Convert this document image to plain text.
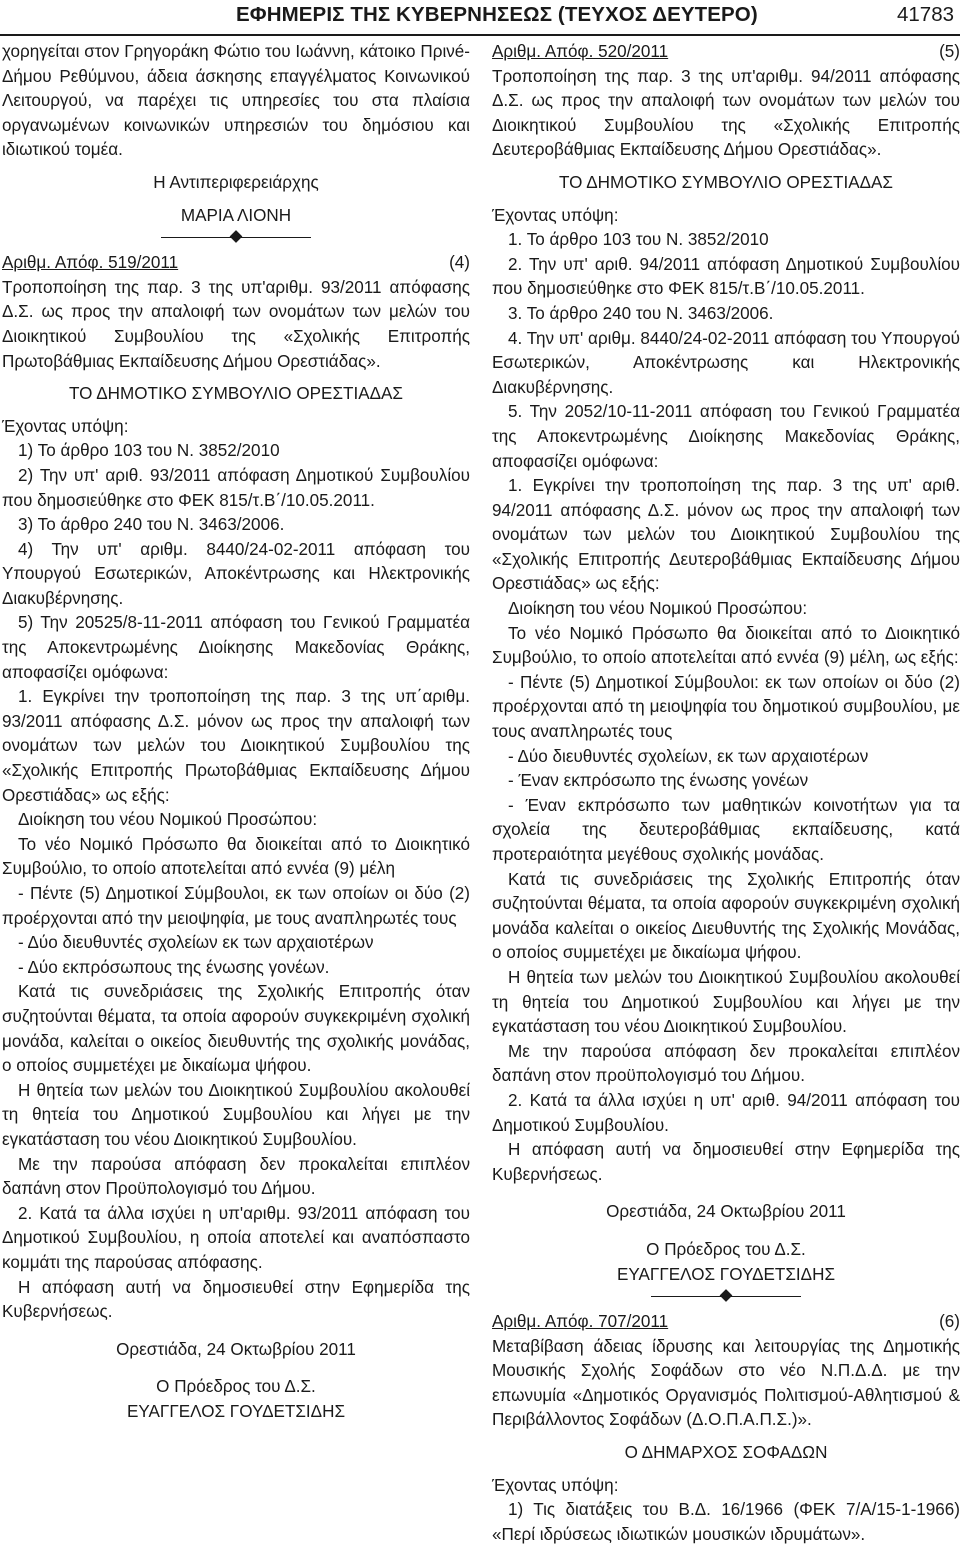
ΕΦΗΜΕΡΙΣ ΤΗΣ ΚΥΒΕΡΝΗΣΕΩΣ (ΤΕΥΧΟΣ ΔΕΥΤΕΡΟ)	41783

χορηγείται στον Γρηγοράκη Φώτιο του Ιωάννη, κάτοικο Πρινé- Δήμου Ρεθύμνου, άδεια άσκησης επαγγέλματος Κοινωνικού Λειτουργού, να παρέχει τις υπηρεσίες του στα πλαίσια οργανωμένων κοινωνικών υπηρεσιών του δημόσιου και ιδιωτικού τομέα.

Η Αντιπεριφερειάρχης

ΜΑΡΙΑ ΛΙΟΝΗ

Αριθμ. Απόφ. 519/2011	(4)

Τροποποίηση της παρ. 3 της υπ'αριθμ. 93/2011 απόφασης Δ.Σ. ως προς την απαλοιφή των ονομάτων των μελών του Διοικητικού Συμβουλίου της «Σχολικής Επιτροπής Πρωτοβάθμιας Εκπαίδευσης Δήμου Ορεστιάδας».

ΤΟ ΔΗΜΟΤΙΚΟ ΣΥΜΒΟΥΛΙΟ ΟΡΕΣΤΙΑΔΑΣ

Έχοντας υπόψη:

1) Το άρθρο 103 του Ν. 3852/2010

2) Την υπ' αριθ. 93/2011 απόφαση Δημοτικού Συμβουλίου που δημοσιεύθηκε στο ΦΕΚ 815/τ.Β΄/10.05.2011.

3) Το άρθρο 240 του Ν. 3463/2006.

4) Την υπ' αριθμ. 8440/24-02-2011 απόφαση του Υπουργού Εσωτερικών, Αποκέντρωσης και Ηλεκτρονικής Διακυβέρνησης.

5) Την 20525/8-11-2011 απόφαση του Γενικού Γραμματέα της Αποκεντρωμένης Διοίκησης Μακεδονίας Θράκης, αποφασίζει ομόφωνα:

1. Εγκρίνει την τροποποίηση της παρ. 3 της υπ΄αριθμ. 93/2011 απόφασης Δ.Σ. μόνον ως προς την απαλοιφή των ονομάτων των μελών του Διοικητικού Συμβουλίου της «Σχολικής Επιτροπής Πρωτοβάθμιας Εκπαίδευσης Δήμου Ορεστιάδας» ως εξής:

Διοίκηση του νέου Νομικού Προσώπου:

Το νέο Νομικό Πρόσωπο θα διοικείται από το Διοικητικό Συμβούλιο, το οποίο αποτελείται από εννέα (9) μέλη

- Πέντε (5) Δημοτικοί Σύμβουλοι, εκ των οποίων οι δύο (2) προέρχονται από την μειοψηφία, με τους αναπληρωτές τους

- Δύο διευθυντές σχολείων εκ των αρχαιοτέρων

- Δύο εκπρόσωπους της ένωσης γονέων.

Κατά τις συνεδριάσεις της Σχολικής Επιτροπής όταν συζητούνται θέματα, τα οποία αφορούν συγκεκριμένη σχολική μονάδα, καλείται ο οικείος διευθυντής της σχολικής μονάδας, ο οποίος συμμετέχει με δικαίωμα ψήφου.

Η θητεία των μελών του Διοικητικού Συμβουλίου ακολουθεί τη θητεία του Δημοτικού Συμβουλίου και λήγει με την εγκατάσταση του νέου Διοικητικού Συμβουλίου.

Με την παρούσα απόφαση δεν προκαλείται επιπλέον δαπάνη στον Προϋπολογισμό του Δήμου.

2. Κατά τα άλλα ισχύει η υπ'αριθμ. 93/2011 απόφαση του Δημοτικού Συμβουλίου, η οποία αποτελεί και αναπόσπαστο κομμάτι της παρούσας απόφασης.

Η απόφαση αυτή να δημοσιευθεί στην Εφημερίδα της Κυβερνήσεως.

Ορεστιάδα, 24 Οκτωβρίου 2011

Ο Πρόεδρος του Δ.Σ.

ΕΥΑΓΓΕΛΟΣ ΓΟΥΔΕΤΣΙΔΗΣ

Αριθμ. Απόφ. 520/2011	(5)

Τροποποίηση της παρ. 3 της υπ'αριθμ. 94/2011 απόφασης Δ.Σ. ως προς την απαλοιφή των ονομάτων των μελών του Διοικητικού Συμβουλίου της «Σχολικής Επιτροπής Δευτεροβάθμιας Εκπαίδευσης Δήμου Ορεστιάδας».

ΤΟ ΔΗΜΟΤΙΚΟ ΣΥΜΒΟΥΛΙΟ ΟΡΕΣΤΙΑΔΑΣ

Έχοντας υπόψη:

1. Το άρθρο 103 του Ν. 3852/2010

2. Την υπ' αριθ. 94/2011 απόφαση Δημοτικού Συμβουλίου που δημοσιεύθηκε στο ΦΕΚ 815/τ.Β΄/10.05.2011.

3. Το άρθρο 240 του Ν. 3463/2006.

4. Την υπ' αριθμ. 8440/24-02-2011 απόφαση του Υπουργού Εσωτερικών, Αποκέντρωσης και Ηλεκτρονικής Διακυβέρνησης.

5. Την 2052/10-11-2011 απόφαση του Γενικού Γραμματέα της Αποκεντρωμένης Διοίκησης Μακεδονίας Θράκης, αποφασίζει ομόφωνα:

1. Εγκρίνει την τροποποίηση της παρ. 3 της υπ' αριθ. 94/2011 απόφασης Δ.Σ. μόνον ως προς την απαλοιφή των ονομάτων των μελών του Διοικητικού Συμβουλίου της «Σχολικής Επιτροπής Δευτεροβάθμιας Εκπαίδευσης Δήμου Ορεστιάδας» ως εξής:

Διοίκηση του νέου Νομικού Προσώπου:

Το νέο Νομικό Πρόσωπο θα διοικείται από το Διοικητικό Συμβούλιο, το οποίο αποτελείται από εννέα (9) μέλη, ως εξής:

- Πέντε (5) Δημοτικοί Σύμβουλοι: εκ των οποίων οι δύο (2) προέρχονται από τη μειοψηφία του δημοτικού συμβουλίου, με τους αναπληρωτές τους

- Δύο διευθυντές σχολείων, εκ των αρχαιοτέρων

- Έναν εκπρόσωπο της ένωσης γονέων

- Έναν εκπρόσωπο των μαθητικών κοινοτήτων για τα σχολεία της δευτεροβάθμιας εκπαίδευσης, κατά προτεραιότητα μεγέθους σχολικής μονάδας.

Κατά τις συνεδριάσεις της Σχολικής Επιτροπής όταν συζητούνται θέματα, τα οποία αφορούν συγκεκριμένη σχολική μονάδα καλείται ο οικείος Διευθυντής της Σχολικής Μονάδας, ο οποίος συμμετέχει με δικαίωμα ψήφου.

Η θητεία των μελών του Διοικητικού Συμβουλίου ακολουθεί τη θητεία του Δημοτικού Συμβουλίου και λήγει με την εγκατάσταση του νέου Διοικητικού Συμβουλίου.

Με την παρούσα απόφαση δεν προκαλείται επιπλέον δαπάνη στον προϋπολογισμό του Δήμου.

2. Κατά τα άλλα ισχύει η υπ' αριθ. 94/2011 απόφαση του Δημοτικού Συμβουλίου.

Η απόφαση αυτή να δημοσιευθεί στην Εφημερίδα της Κυβερνήσεως.

Ορεστιάδα, 24 Οκτωβρίου 2011

Ο Πρόεδρος του Δ.Σ.

ΕΥΑΓΓΕΛΟΣ ΓΟΥΔΕΤΣΙΔΗΣ

Αριθμ. Απόφ. 707/2011	(6)

Μεταβίβαση άδειας ίδρυσης και λειτουργίας της Δημοτικής Μουσικής Σχολής Σοφάδων στο νέο Ν.Π.Δ.Δ. με την επωνυμία «Δημοτικός Οργανισμός Πολιτισμού-Αθλητισμού & Περιβάλλοντος Σοφάδων (Δ.Ο.Π.Α.Π.Σ.)».

Ο ΔΗΜΑΡΧΟΣ ΣΟΦΑΔΩΝ

Έχοντας υπόψη:

1) Τις διατάξεις του Β.Δ. 16/1966 (ΦΕΚ 7/Α/15-1-1966) «Περί ιδρύσεως ιδιωτικών μουσικών ιδρυμάτων».
